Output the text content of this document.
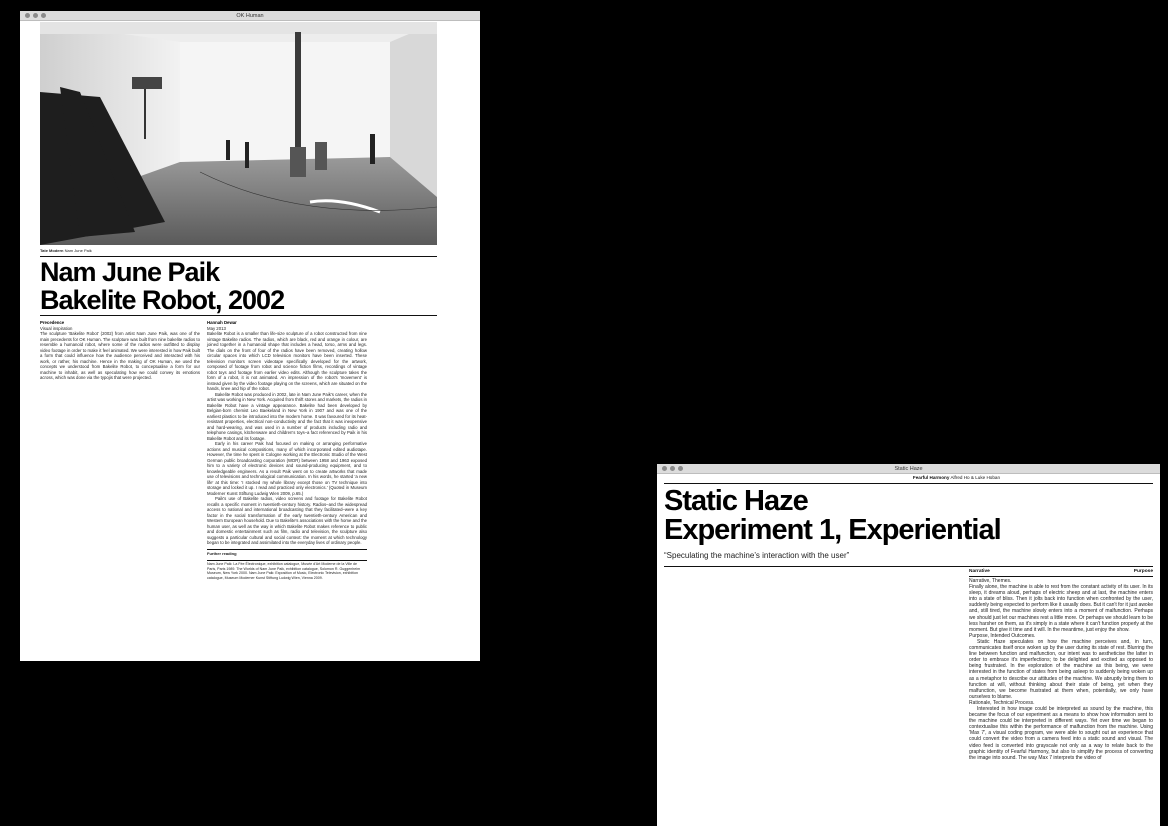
OK Human
Tate Modern Nam June Paik
Nam June Paik
Bakelite Robot, 2002
Precedence
Visual inspiration

The sculpture 'Bakelite Robot' (2002) from artist Nam June Paik, was one of the main precedents for OK Human. The sculpture was built from nine bakelite radios to resemble a humanoid robot, where some of the radios were outfitted to display video footage in order to make it feel animated. We were interested in how Paik built a form that could influence how the audience perceived and interacted with his work, or rather, his machine. Hence in the making of OK Human, we used the concepts we understood from Bakelite Robot, to conceptualise a form for our machine to inhabit, as well as speculating how we could convey its emotions across, which was done via the typojis that were projected.

Hannah Dewar
May 2013

Bakelite Robot is a smaller than life-size sculpture of a robot constructed from nine vintage Bakelite radios. The radios, which are black, red and orange in colour, are joined together in a humanoid shape that includes a head, torso, arms and legs. The dials on the front of four of the radios have been removed, creating hollow circular spaces into which LCD television monitors have been inserted. These television monitors screen videotape specifically developed for the artwork, composed of footage from robot and science fiction films, recordings of vintage robot toys and footage from earlier video edits. Although the sculpture takes the form of a robot, it is not animated. An impression of the robot's 'movement' is instead given by the video footage playing on the screens, which are situated on the hands, knee and hip of the robot.

Bakelite Robot was produced in 2002, late in Nam June Paik's career, when the artist was working in New York. Acquired from thrift stores and markets, the radios in Bakelite Robot have a vintage appearance. Bakelite had been developed by Belgian-born chemist Leo Baekeland in New York in 1907 and was one of the earliest plastics to be introduced into the modern home. It was favoured for its heat-resistant properties, electrical non-conductivity and the fact that it was inexpensive and hard-wearing, and was used in a number of products including radio and telephone casings, kitchenware and children's toys–a fact referenced by Paik in his Bakelite Robot and its footage.

Early in his career Paik had focused on making or arranging performative actions and musical compositions, many of which incorporated edited audiotape. However, the time he spent in Cologne working at the Electronic Studio of the West German public broadcasting corporation (WDR) between 1958 and 1963 exposed him to a variety of electronic devices and sound-producing equipment, and to knowledgeable engineers. As a result Paik went on to create artworks that made use of televisions and technological communication. In his words, he started 'a new life' at this time: 'I stocked my whole library except those on TV technique into storage and locked it up. I read and practiced only electronics.' (Quoted in Museum Moderner Kunst Stiftung Ludwig Wien 2009, p.65.)

Paik's use of Bakelite radios, video screens and footage for Bakelite Robot recalls a specific moment in twentieth-century history. Radios–and the widespread access to national and international broadcasting that they facilitated–were a key factor in the social transformation of the early twentieth-century American and Western European household. Due to Bakelite's associations with the home and the human user, as well as the way in which Bakelite Robot makes reference to public and domestic entertainment such as film, radio and television, the sculpture also suggests a particular cultural and social context: the moment at which technology began to be integrated and assimilated into the everyday lives of ordinary people.

Further reading
Nam June Paik: La Fée Électronique, exhibition catalogue, Musée d'Art Moderne de la Ville de Paris, Paris 1989. The Worlds of Nam June Paik, exhibition catalogue, Solomon R. Guggenheim Museum, New York 2000. Nam June Paik: Exposition of Music, Electronic Television, exhibition catalogue, Museum Moderner Kunst Stiftung Ludwig Wien, Vienna 2009.
Static Haze
Fearful Harmony Alfred Ho & Luke Hoban
Static Haze
Experiment 1, Experiential
“Speculating the machine’s interaction with the user”
Narrative	Purpose
Narrative, Themes.

Finally alone, the machine is able to rest from the constant activity of its user. In its sleep, it dreams aloud, perhaps of electric sheep and at last, the machine enters into a state of bliss. Then it jolts back into function when confronted by the user, suddenly being expected to perform like it usually does. But it can't for it just awoke and, still tired, the machine slowly enters into a moment of malfunction. Perhaps we should just let our machines rest a little more. Or perhaps we should learn to be less harsher on them, as it's simply in a state where it can't function properly at the moment. But give it time and it will. In the meantime, just enjoy the show.

Purpose, Intended Outcomes.

Static Haze speculates on how the machine perceives and, in turn, communicates itself once woken up by the user during its state of rest. Blurring the line between function and malfunction, our intent was to aestheticise the latter in order to embrace it's imperfections; to be delighted and excited as opposed to being frustrated. In the exploration of the machine as this being, we were interested in the function of states from being asleep to suddenly being woken up as a metaphor to describe our attitudes of the machine. We abruptly bring them to function at will, without thinking about their state of being, yet when they malfunction, we become frustrated at them when, potentially, we only have ourselves to blame.

Rationale, Technical Process.

Interested in how image could be interpreted as sound by the machine, this became the focus of our experiment as a means to show how information sent to the machine could be interpreted in different ways. Yet over time we began to contextualise this within the performance of malfunction from the machine. Using 'Max 7', a visual coding program, we were able to sought out an experience that could convert the video from a camera feed into a static sound and visual. The video feed is converted into grayscale not only as a way to relate back to the graphic identity of Fearful Harmony, but also to simplify the process of converting the image into sound. The way Max 7 interprets the video of
